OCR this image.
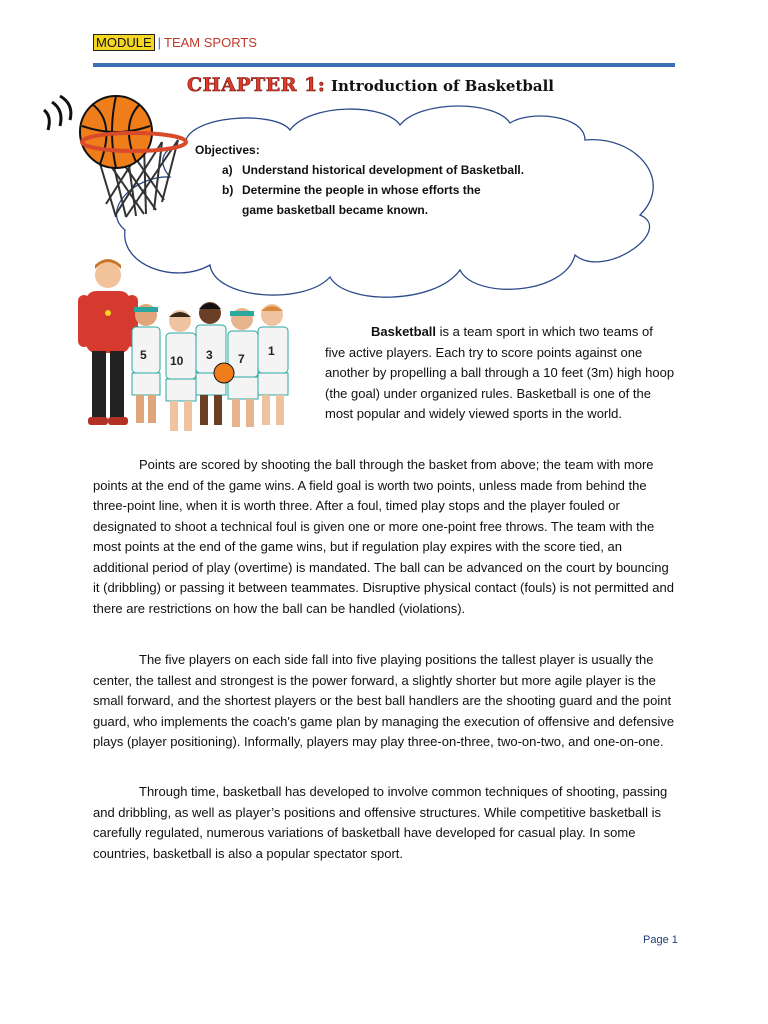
MODULE | TEAM SPORTS
CHAPTER 1: Introduction of Basketball
Objectives:
a) Understand historical development of Basketball.
b) Determine the people in whose efforts the game basketball became known.
5 10 3 7
1
Basketball is a team sport in which two teams of five active players. Each try to score points against one another by propelling a ball through a 10 feet (3m) high hoop (the goal) under organized rules. Basketball is one of the most popular and widely viewed sports in the world.

Points are scored by shooting the ball through the basket from above; the team with more points at the end of the game wins. A field goal is worth two points, unless made from behind the three-point line, when it is worth three. After a foul, timed play stops and the player fouled or designated to shoot a technical foul is given one or more one-point free throws. The team with the most points at the end of the game wins, but if regulation play expires with the score tied, an additional period of play (overtime) is mandated. The ball can be advanced on the court by bouncing it (dribbling) or passing it between teammates. Disruptive physical contact (fouls) is not permitted and there are restrictions on how the ball can be handled (violations).

The five players on each side fall into five playing positions the tallest player is usually the center, the tallest and strongest is the power forward, a slightly shorter but more agile player is the small forward, and the shortest players or the best ball handlers are the shooting guard and the point guard, who implements the coach's game plan by managing the execution of offensive and defensive plays (player positioning). Informally, players may play three-on-three, two-on-two, and one-on-one.

Through time, basketball has developed to involve common techniques of shooting, passing and dribbling, as well as player’s positions and offensive structures. While competitive basketball is carefully regulated, numerous variations of basketball have developed for casual play. In some countries, basketball is also a popular spectator sport.

Page 1
